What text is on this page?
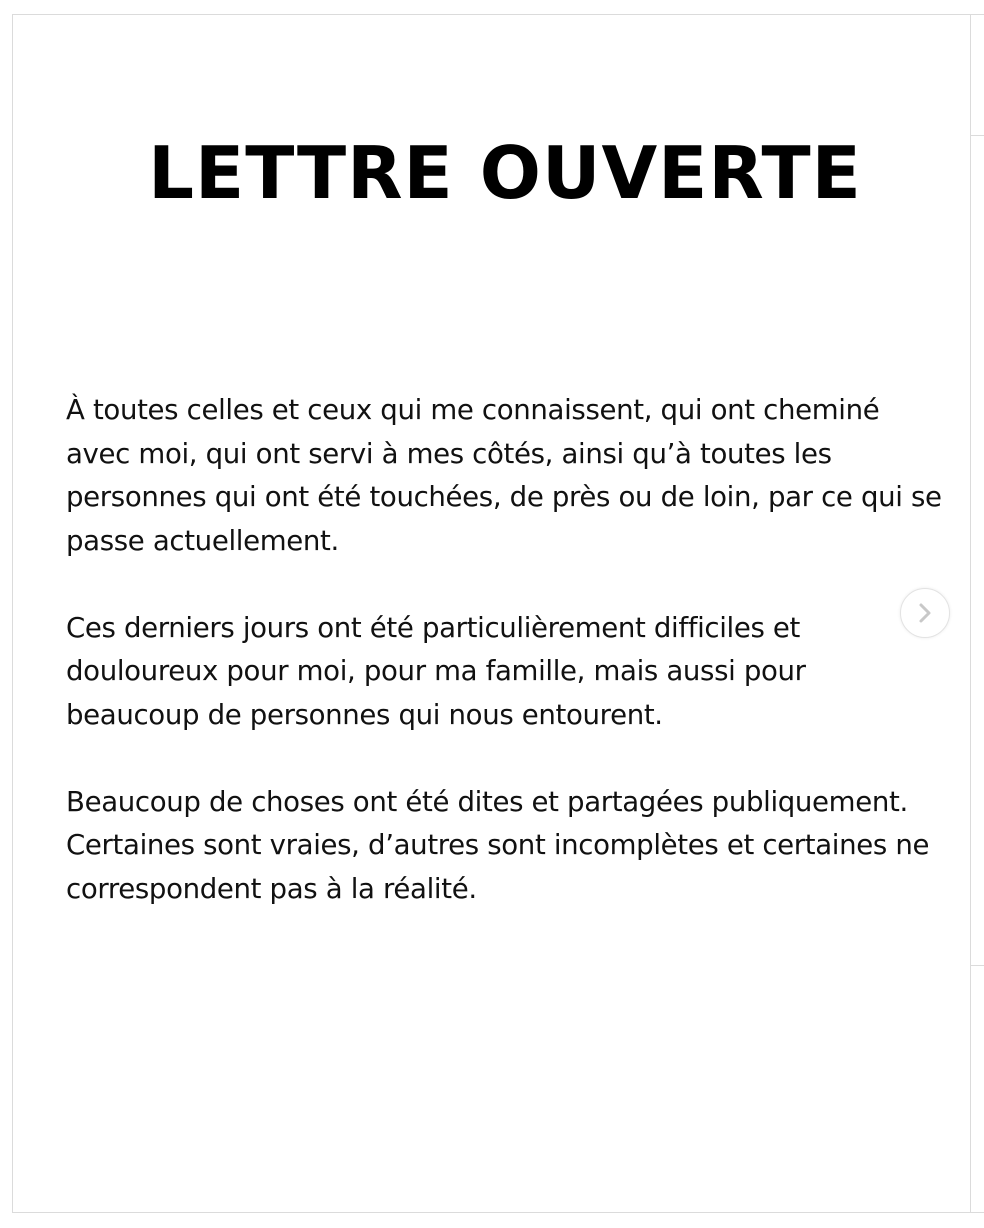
LETTRE OUVERTE

À toutes celles et ceux qui me connaissent, qui ont cheminé avec moi, qui ont servi à mes côtés, ainsi qu’à toutes les personnes qui ont été touchées, de près ou de loin, par ce qui se passe actuellement.

Ces derniers jours ont été particulièrement difficiles et douloureux pour moi, pour ma famille, mais aussi pour beaucoup de personnes qui nous entourent.

Beaucoup de choses ont été dites et partagées publiquement. Certaines sont vraies, d’autres sont incomplètes et certaines ne correspondent pas à la réalité.
